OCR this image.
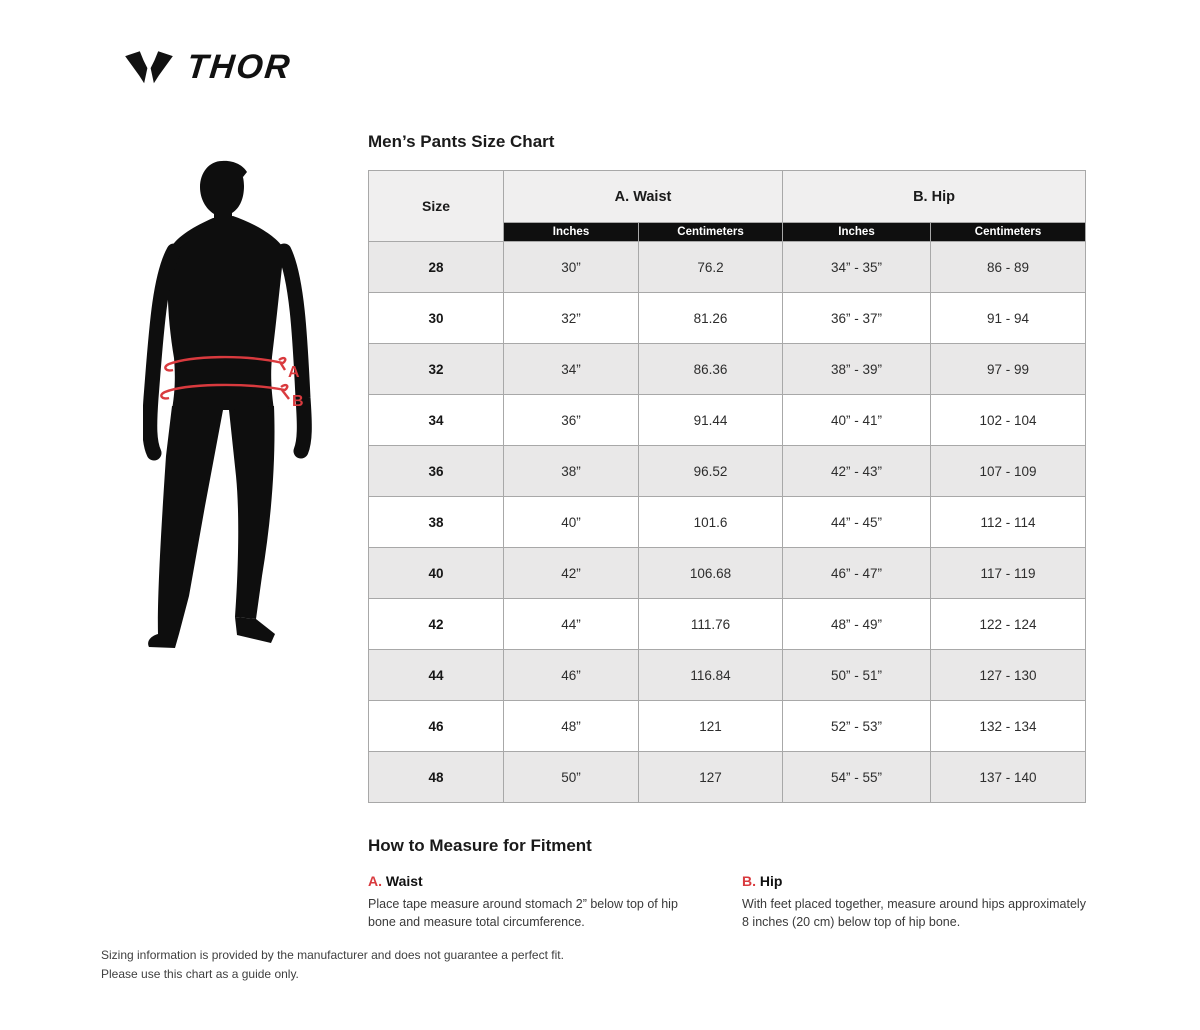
THOR
Men’s Pants Size Chart
A
B
Size	A. Waist		B. Hip	
	Inches	Centimeters	Inches	Centimeters
28	30”	76.2	34” - 35”	86 - 89
30	32”	81.26	36” - 37”	91 - 94
32	34”	86.36	38” - 39”	97 - 99
34	36”	91.44	40” - 41”	102 - 104
36	38”	96.52	42” - 43”	107 - 109
38	40”	101.6	44” - 45”	112 - 114
40	42”	106.68	46” - 47”	117 - 119
42	44”	111.76	48” - 49”	122 - 124
44	46”	116.84	50” - 51”	127 - 130
46	48”	121	52” - 53”	132 - 134
48	50”	127	54” - 55”	137 - 140
How to Measure for Fitment
A. Waist
Place tape measure around stomach 2” below top of hip bone and measure total circumference.
B. Hip
With feet placed together, measure around hips approximately 8 inches (20 cm) below top of hip bone.
Sizing information is provided by the manufacturer and does not guarantee a perfect fit.
Please use this chart as a guide only.
